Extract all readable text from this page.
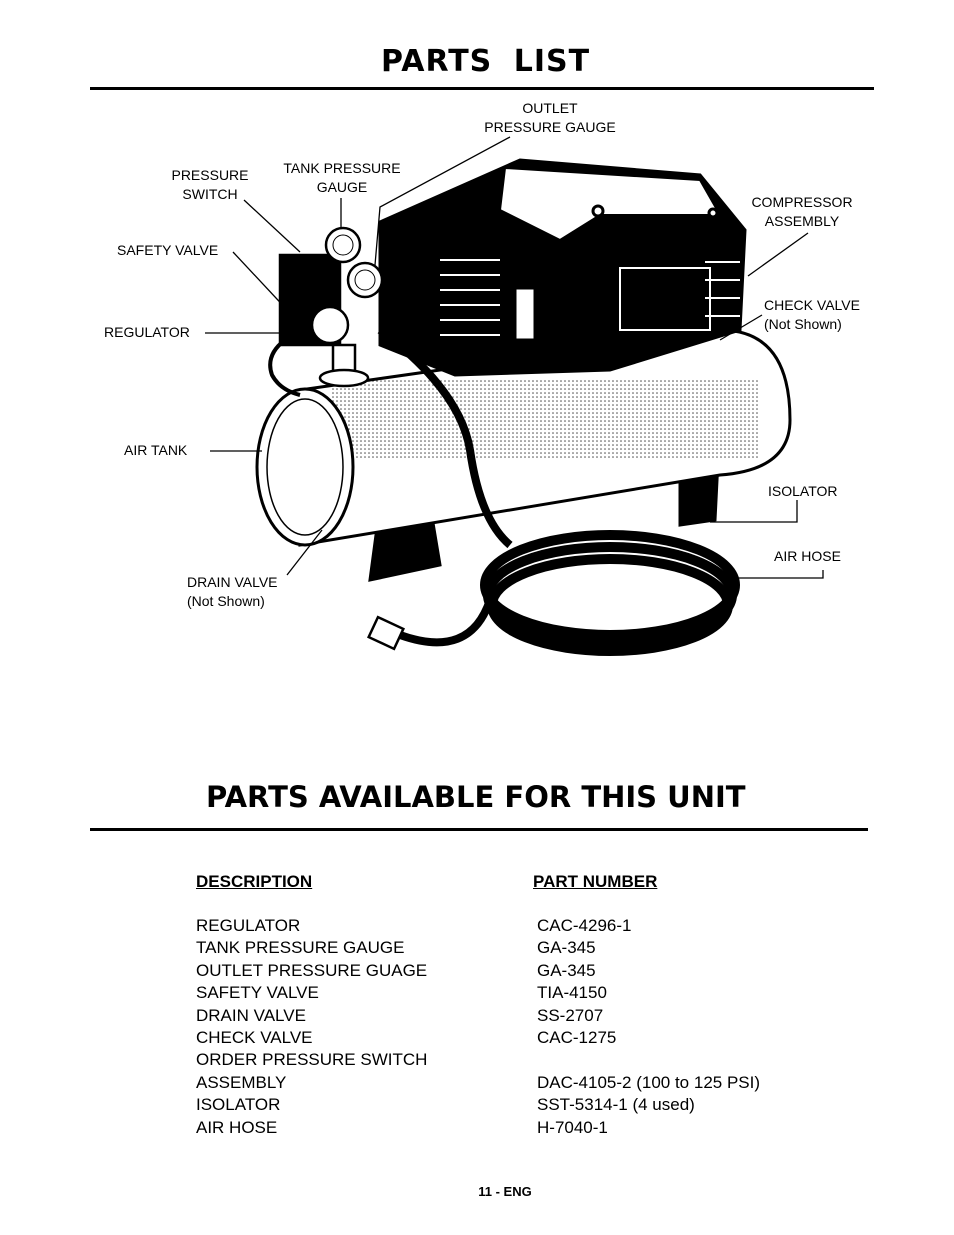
PARTS LIST
OUTLET
PRESSURE GAUGE
TANK PRESSURE
GAUGE
PRESSURE
SWITCH	COMPRESSOR
ASSEMBLY
SAFETY VALVE
CHECK VALVE
(Not Shown)
REGULATOR
AIR TANK
ISOLATOR
AIR HOSE
DRAIN VALVE
(Not Shown)
PARTS AVAILABLE FOR THIS UNIT
DESCRIPTION	PART NUMBER
REGULATOR .....	CAC-4296-1
TANK PRESSURE GAUGE .....	GA-345
OUTLET PRESSURE GUAGE .....	GA-345
SAFETY VALVE .....	TIA-4150
DRAIN VALVE .....	SS-2707
CHECK VALVE .....	CAC-1275
ORDER PRESSURE SWITCH
ASSEMBLY .....	DAC-4105-2 (100 to 125 PSI)
ISOLATOR .....	SST-5314-1 (4 used)
AIR HOSE .....	H-7040-1
11 - ENG
